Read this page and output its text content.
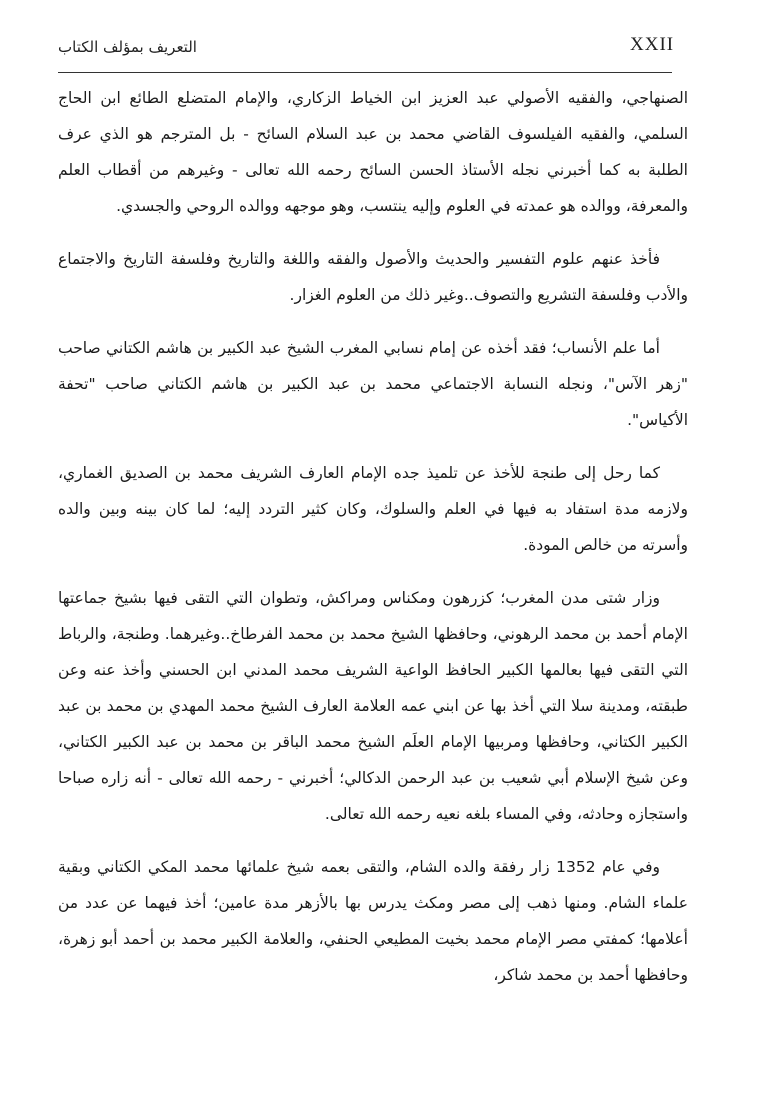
التعريف بمؤلف الكتاب	XXII

الصنهاجي، والفقيه الأصولي عبد العزيز ابن الخياط الزكاري، والإمام المتضلع الطائع ابن الحاج السلمي، والفقيه الفيلسوف القاضي محمد بن عبد السلام السائح - بل المترجم هو الذي عرف الطلبة به كما أخبرني نجله الأستاذ الحسن السائح رحمه الله تعالى - وغيرهم من أقطاب العلم والمعرفة، ووالده هو عمدته في العلوم وإليه ينتسب، وهو موجهه ووالده الروحي والجسدي.

فأخذ عنهم علوم التفسير والحديث والأصول والفقه واللغة والتاريخ وفلسفة التاريخ والاجتماع والأدب وفلسفة التشريع والتصوف..وغير ذلك من العلوم الغزار.

أما علم الأنساب؛ فقد أخذه عن إمام نسابي المغرب الشيخ عبد الكبير بن هاشم الكتاني صاحب "زهر الآس"، ونجله النسابة الاجتماعي محمد بن عبد الكبير بن هاشم الكتاني صاحب "تحفة الأكياس".

كما رحل إلى طنجة للأخذ عن تلميذ جده الإمام العارف الشريف محمد بن الصديق الغماري، ولازمه مدة استفاد به فيها في العلم والسلوك، وكان كثير التردد إليه؛ لما كان بينه وبين والده وأسرته من خالص المودة.

وزار شتى مدن المغرب؛ كزرهون ومكناس ومراكش، وتطوان التي التقى فيها بشيخ جماعتها الإمام أحمد بن محمد الرهوني، وحافظها الشيخ محمد بن محمد الفرطاخ..وغيرهما. وطنجة، والرباط التي التقى فيها بعالمها الكبير الحافظ الواعية الشريف محمد المدني ابن الحسني وأخذ عنه وعن طبقته، ومدينة سلا التي أخذ بها عن ابني عمه العلامة العارف الشيخ محمد المهدي بن محمد بن عبد الكبير الكتاني، وحافظها ومربيها الإمام العلَم الشيخ محمد الباقر بن محمد بن عبد الكبير الكتاني، وعن شيخ الإسلام أبي شعيب بن عبد الرحمن الدكالي؛ أخبرني - رحمه الله تعالى - أنه زاره صباحا واستجازه وحادثه، وفي المساء بلغه نعيه رحمه الله تعالى.

وفي عام 1352 زار رفقة والده الشام، والتقى بعمه شيخ علمائها محمد المكي الكتاني وبقية علماء الشام. ومنها ذهب إلى مصر ومكث يدرس بها بالأزهر مدة عامين؛ أخذ فيهما عن عدد من أعلامها؛ كمفتي مصر الإمام محمد بخيت المطيعي الحنفي، والعلامة الكبير محمد بن أحمد أبو زهرة، وحافظها أحمد بن محمد شاكر،
